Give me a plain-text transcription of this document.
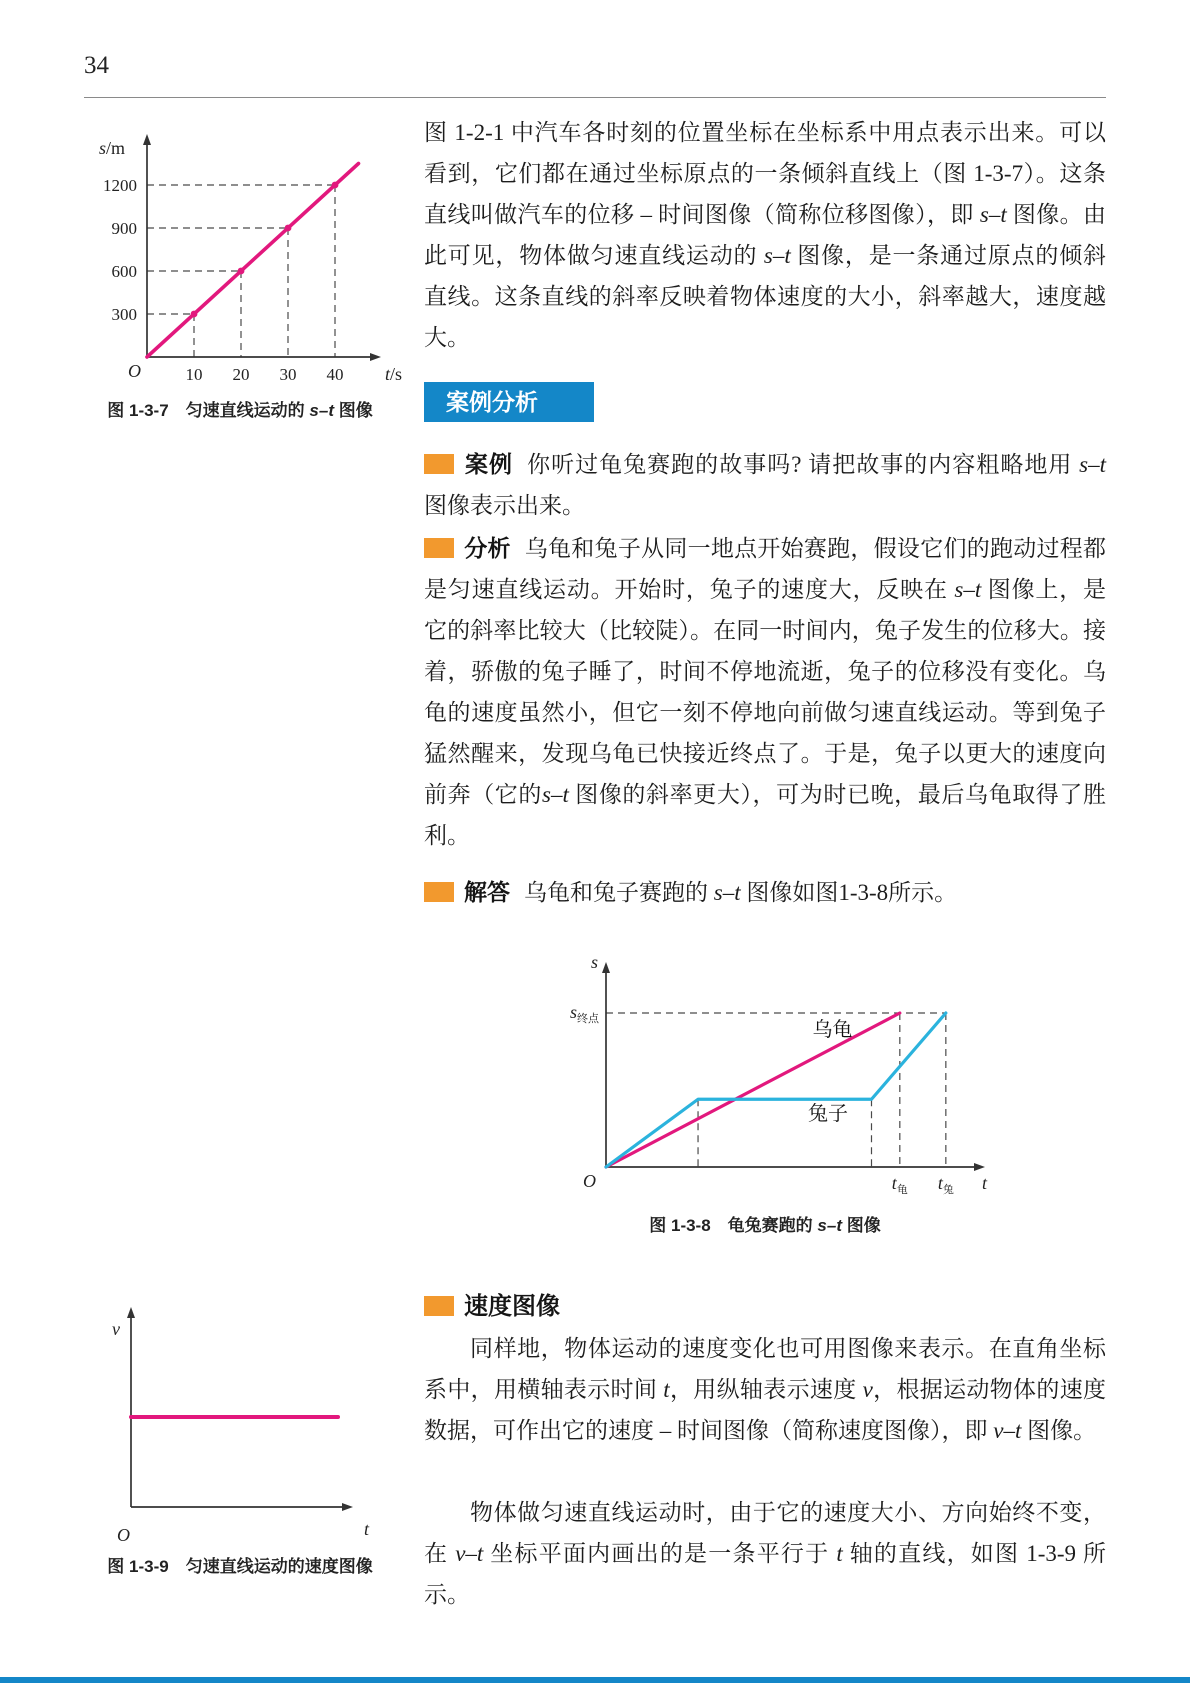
34
300
600
900
1200
10 20 30 40
s/m
t/s
O
图 1-3-7　匀速直线运动的 s–t 图像

图 1-2-1 中汽车各时刻的位置坐标在坐标系中用点表示出来。可以看到，它们都在通过坐标原点的一条倾斜直线上（图 1-3-7）。这条直线叫做汽车的位移 – 时间图像（简称位移图像），即 s–t 图像。由此可见，物体做匀速直线运动的 s–t 图像，是一条通过原点的倾斜直线。这条直线的斜率反映着物体速度的大小，斜率越大，速度越大。

案例分析

案例 你听过龟兔赛跑的故事吗? 请把故事的内容粗略地用 s–t 图像表示出来。

分析 乌龟和兔子从同一地点开始赛跑，假设它们的跑动过程都是匀速直线运动。开始时，兔子的速度大，反映在 s–t 图像上，是它的斜率比较大（比较陡）。在同一时间内，兔子发生的位移大。接着，骄傲的兔子睡了，时间不停地流逝，兔子的位移没有变化。乌龟的速度虽然小，但它一刻不停地向前做匀速直线运动。等到兔子猛然醒来，发现乌龟已快接近终点了。于是，兔子以更大的速度向前奔（它的s–t 图像的斜率更大），可为时已晚，最后乌龟取得了胜利。

解答 乌龟和兔子赛跑的 s–t 图像如图1-3-8所示。

$t_龟$ $t_兔$
乌龟
兔子
$s_{终点}$
s
t
O
图 1-3-8　龟兔赛跑的 s–t 图像
速度图像

同样地，物体运动的速度变化也可用图像来表示。在直角坐标系中，用横轴表示时间 t，用纵轴表示速度 v，根据运动物体的速度数据，可作出它的速度 – 时间图像（简称速度图像），即 v–t 图像。

物体做匀速直线运动时，由于它的速度大小、方向始终不变，在 v–t 坐标平面内画出的是一条平行于 t 轴的直线，如图 1-3-9 所示。

v
t
O
图 1-3-9　匀速直线运动的速度图像
